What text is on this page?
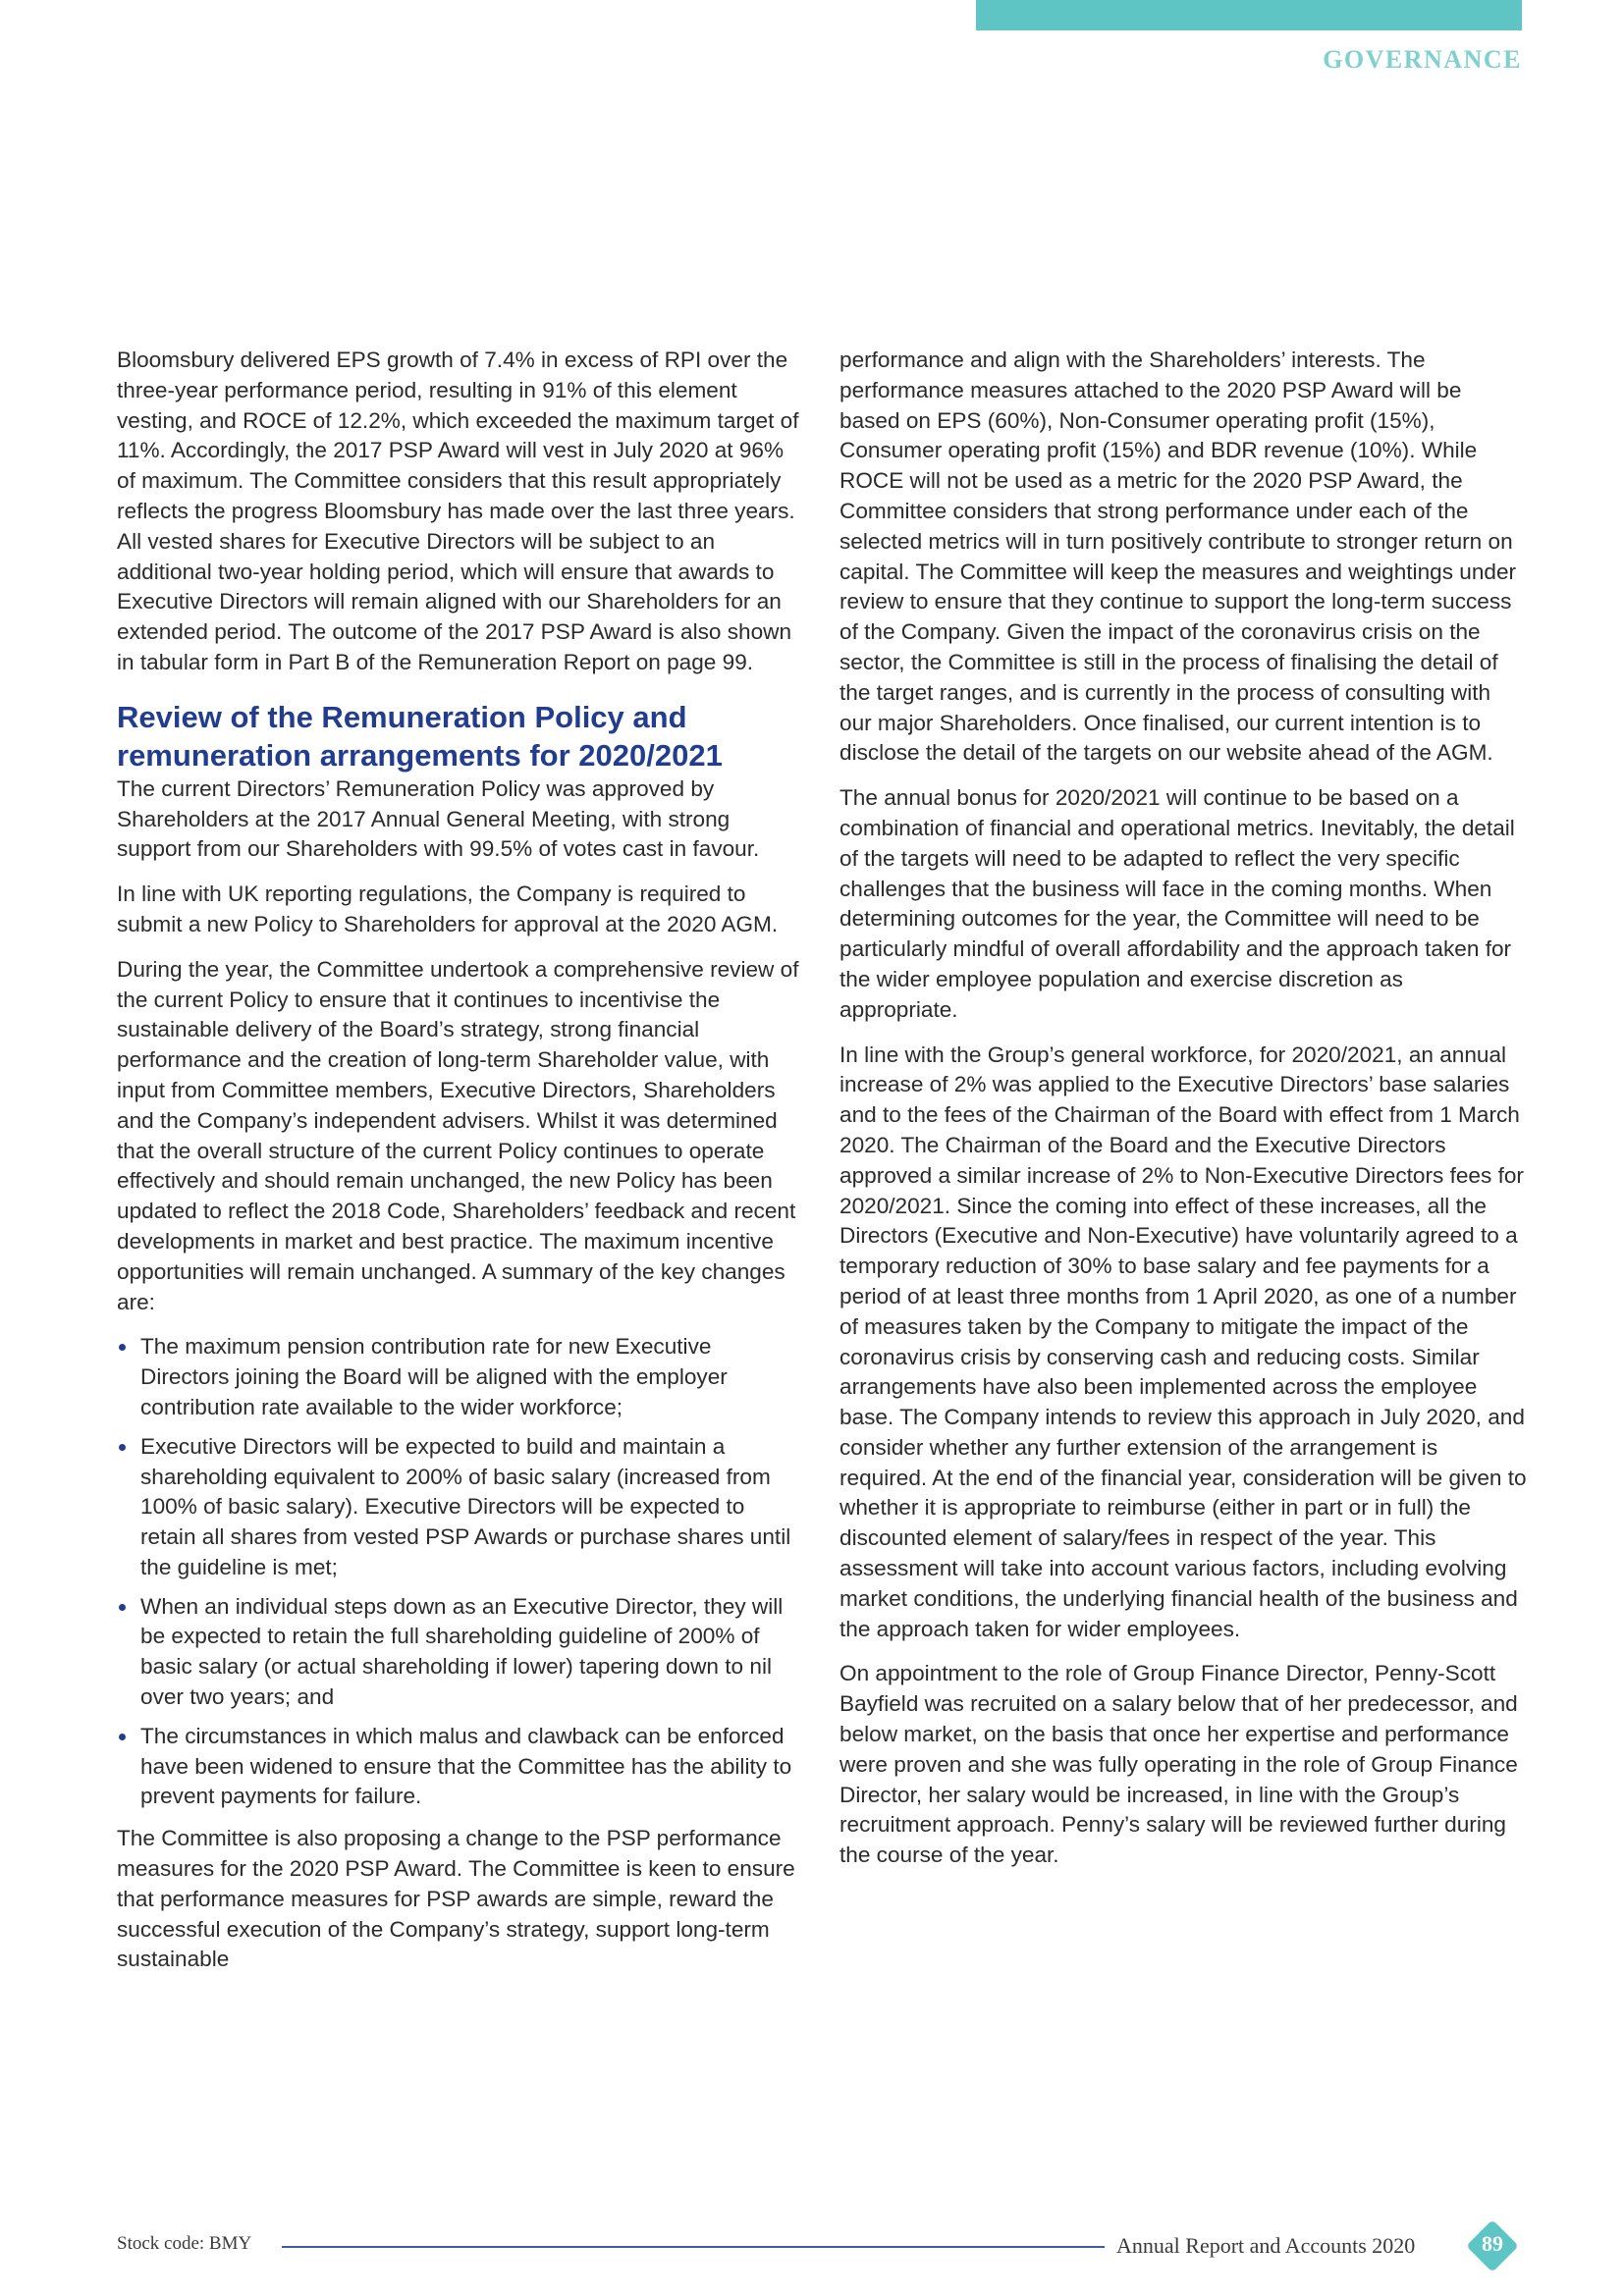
GOVERNANCE

Bloomsbury delivered EPS growth of 7.4% in excess of RPI over the three-year performance period, resulting in 91% of this element vesting, and ROCE of 12.2%, which exceeded the maximum target of 11%. Accordingly, the 2017 PSP Award will vest in July 2020 at 96% of maximum. The Committee considers that this result appropriately reflects the progress Bloomsbury has made over the last three years. All vested shares for Executive Directors will be subject to an additional two-year holding period, which will ensure that awards to Executive Directors will remain aligned with our Shareholders for an extended period. The outcome of the 2017 PSP Award is also shown in tabular form in Part B of the Remuneration Report on page 99.

Review of the Remuneration Policy and remuneration arrangements for 2020/2021

The current Directors’ Remuneration Policy was approved by Shareholders at the 2017 Annual General Meeting, with strong support from our Shareholders with 99.5% of votes cast in favour.

In line with UK reporting regulations, the Company is required to submit a new Policy to Shareholders for approval at the 2020 AGM.

During the year, the Committee undertook a comprehensive review of the current Policy to ensure that it continues to incentivise the sustainable delivery of the Board’s strategy, strong financial performance and the creation of long-term Shareholder value, with input from Committee members, Executive Directors, Shareholders and the Company’s independent advisers. Whilst it was determined that the overall structure of the current Policy continues to operate effectively and should remain unchanged, the new Policy has been updated to reflect the 2018 Code, Shareholders’ feedback and recent developments in market and best practice. The maximum incentive opportunities will remain unchanged. A summary of the key changes are:

The maximum pension contribution rate for new Executive Directors joining the Board will be aligned with the employer contribution rate available to the wider workforce;
Executive Directors will be expected to build and maintain a shareholding equivalent to 200% of basic salary (increased from 100% of basic salary). Executive Directors will be expected to retain all shares from vested PSP Awards or purchase shares until the guideline is met;
When an individual steps down as an Executive Director, they will be expected to retain the full shareholding guideline of 200% of basic salary (or actual shareholding if lower) tapering down to nil over two years; and
The circumstances in which malus and clawback can be enforced have been widened to ensure that the Committee has the ability to prevent payments for failure.

The Committee is also proposing a change to the PSP performance measures for the 2020 PSP Award. The Committee is keen to ensure that performance measures for PSP awards are simple, reward the successful execution of the Company’s strategy, support long-term sustainable

performance and align with the Shareholders’ interests. The performance measures attached to the 2020 PSP Award will be based on EPS (60%), Non-Consumer operating profit (15%), Consumer operating profit (15%) and BDR revenue (10%). While ROCE will not be used as a metric for the 2020 PSP Award, the Committee considers that strong performance under each of the selected metrics will in turn positively contribute to stronger return on capital. The Committee will keep the measures and weightings under review to ensure that they continue to support the long-term success of the Company. Given the impact of the coronavirus crisis on the sector, the Committee is still in the process of finalising the detail of the target ranges, and is currently in the process of consulting with our major Shareholders. Once finalised, our current intention is to disclose the detail of the targets on our website ahead of the AGM.

The annual bonus for 2020/2021 will continue to be based on a combination of financial and operational metrics. Inevitably, the detail of the targets will need to be adapted to reflect the very specific challenges that the business will face in the coming months. When determining outcomes for the year, the Committee will need to be particularly mindful of overall affordability and the approach taken for the wider employee population and exercise discretion as appropriate.

In line with the Group’s general workforce, for 2020/2021, an annual increase of 2% was applied to the Executive Directors’ base salaries and to the fees of the Chairman of the Board with effect from 1 March 2020. The Chairman of the Board and the Executive Directors approved a similar increase of 2% to Non-Executive Directors fees for 2020/2021. Since the coming into effect of these increases, all the Directors (Executive and Non-Executive) have voluntarily agreed to a temporary reduction of 30% to base salary and fee payments for a period of at least three months from 1 April 2020, as one of a number of measures taken by the Company to mitigate the impact of the coronavirus crisis by conserving cash and reducing costs. Similar arrangements have also been implemented across the employee base. The Company intends to review this approach in July 2020, and consider whether any further extension of the arrangement is required. At the end of the financial year, consideration will be given to whether it is appropriate to reimburse (either in part or in full) the discounted element of salary/fees in respect of the year. This assessment will take into account various factors, including evolving market conditions, the underlying financial health of the business and the approach taken for wider employees.

On appointment to the role of Group Finance Director, Penny-Scott Bayfield was recruited on a salary below that of her predecessor, and below market, on the basis that once her expertise and performance were proven and she was fully operating in the role of Group Finance Director, her salary would be increased, in line with the Group’s recruitment approach. Penny’s salary will be reviewed further during the course of the year.

Stock code: BMY	Annual Report and Accounts 2020	89
